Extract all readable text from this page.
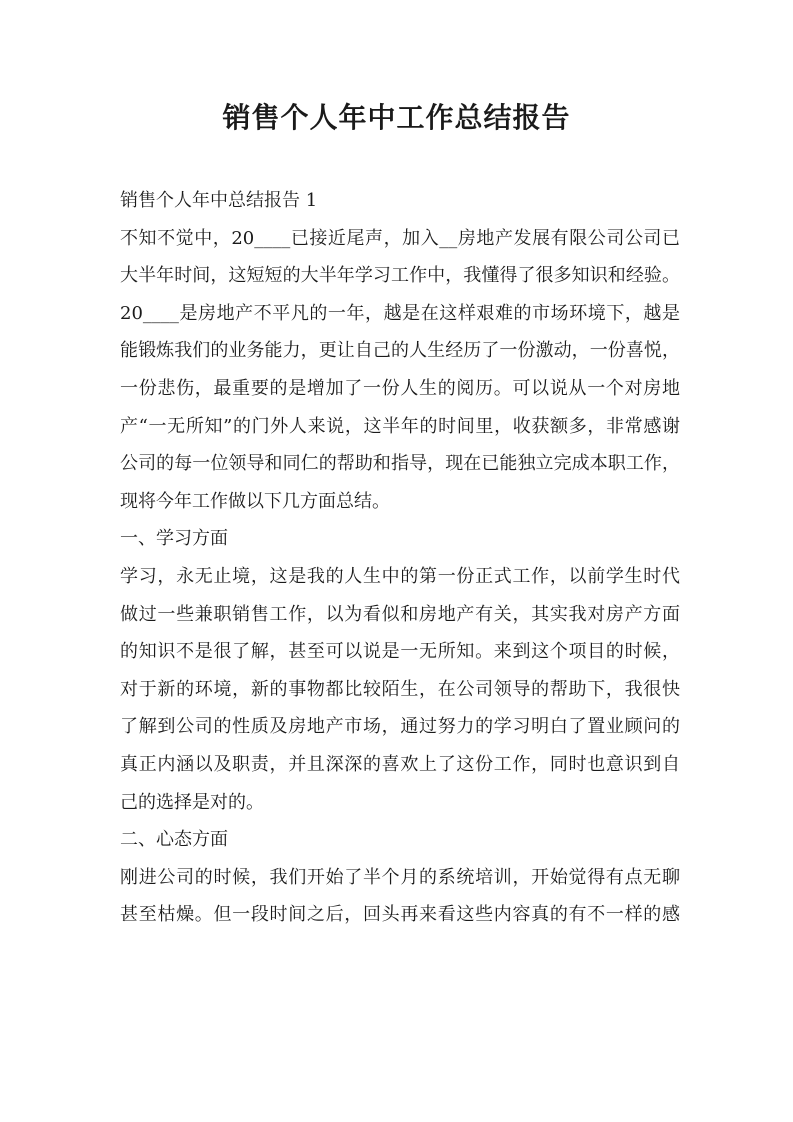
销售个人年中工作总结报告
销售个人年中总结报告 1
不知不觉中，20____已接近尾声，加入__房地产发展有限公司公司已
大半年时间，这短短的大半年学习工作中，我懂得了很多知识和经验。
20____是房地产不平凡的一年，越是在这样艰难的市场环境下，越是
能锻炼我们的业务能力，更让自己的人生经历了一份激动，一份喜悦，
一份悲伤，最重要的是增加了一份人生的阅历。可以说从一个对房地
产“一无所知”的门外人来说，这半年的时间里，收获额多，非常感谢
公司的每一位领导和同仁的帮助和指导，现在已能独立完成本职工作，
现将今年工作做以下几方面总结。
一、学习方面
学习，永无止境，这是我的人生中的第一份正式工作，以前学生时代
做过一些兼职销售工作，以为看似和房地产有关，其实我对房产方面
的知识不是很了解，甚至可以说是一无所知。来到这个项目的时候，
对于新的环境，新的事物都比较陌生，在公司领导的帮助下，我很快
了解到公司的性质及房地产市场，通过努力的学习明白了置业顾问的
真正内涵以及职责，并且深深的喜欢上了这份工作，同时也意识到自
己的选择是对的。
二、心态方面
刚进公司的时候，我们开始了半个月的系统培训，开始觉得有点无聊
甚至枯燥。但一段时间之后，回头再来看这些内容真的有不一样的感
